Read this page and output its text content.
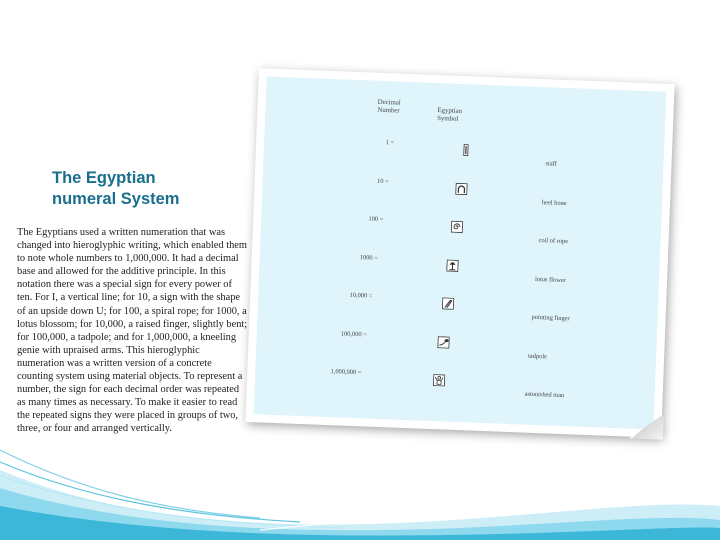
The Egyptian
numeral System

The Egyptians used a written numeration that was changed into hieroglyphic writing, which enabled them to note whole numbers to 1,000,000. It had a decimal base and allowed for the additive principle. In this notation there was a special sign for every power of ten. For I, a vertical line; for 10, a sign with the shape of an upside down U; for 100, a spiral rope; for 1000, a lotus blossom; for 10,000, a raised finger, slightly bent; for 100,000, a tadpole; and for 1,000,000, a kneeling genie with upraised arms. This hieroglyphic numeration was a written version of a concrete counting system using material objects. To represent a number, the sign for each decimal order was repeated as many times as necessary. To make it easier to read the repeated signs they were placed in groups of two, three, or four and arranged vertically.

Decimal
Number	Egyptian
Symbol
1 =
staff
10 =
heel bone
100 =
coil of rope
1000 =
lotus flower
10,000 =
pointing finger
100,000 =
tadpole
1,000,000 =
astonished man
